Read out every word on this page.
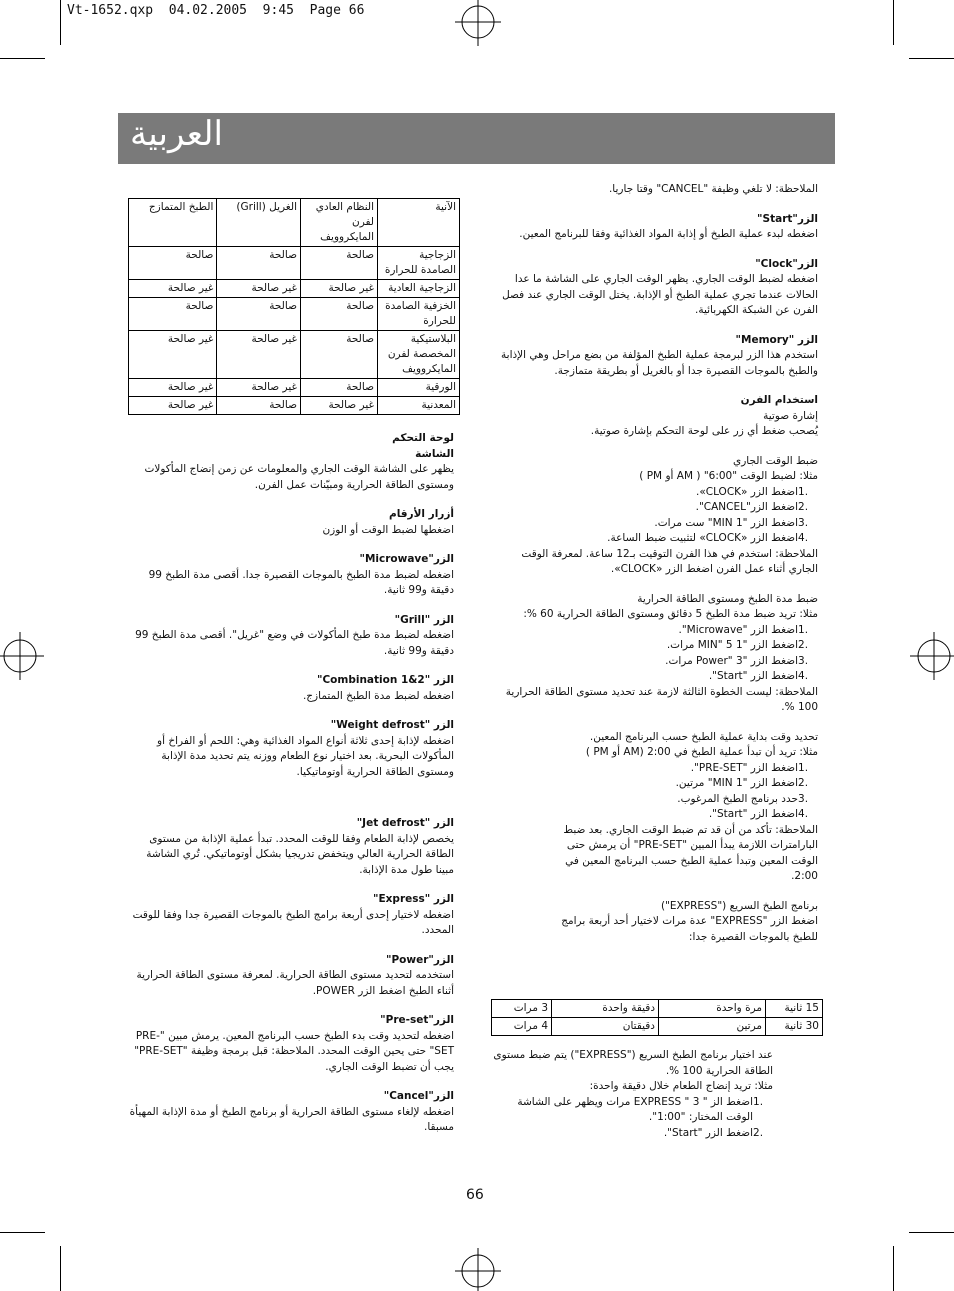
Vt-1652.qxp  04.02.2005  9:45  Page 66
العربية
الآنية	النظام العادي لفرن المايكروويف	الغريل (Grill)	الطبخ المتمازج
الزجاجية الصامدة للحرارة	صالحة	صالحة	صالحة
الزجاجية العادية	غير صالحة	غير صالحة	غير صالحة
الخزفية الصامدة للحرارة	صالحة	صالحة	صالحة
البلاستيكية المخصصة لفرن المايكروويف	صالحة	غير صالحة	غير صالحة
الورقية	صالحة	غير صالحة	غير صالحة
المعدنية	غير صالحة	صالحة	غير صالحة

لوحة التحكم

الشاشة

يظهر على الشاشة الوقت الجاري والمعلومات عن زمن إنضاج المأكولات ومستوى الطاقة الحرارية ومبيّنات عمل الفرن.

أزرار الأرقام

اضغطها لضبط الوقت أو الوزن

الزر"Microwave"

اضغطه لضبط مدة الطبخ بالموجات القصيرة جدا. أقصى مدة الطبخ 99 دقيقة و99 ثانية.

الزر "Grill"

اضغطه لضبط مدة طبخ المأكولات في وضع "غريل". أقصى مدة الطبخ 99 دقيقة و99 ثانية.

الزر "Combination 1&2"

اضغطه لضبط مدة الطبخ المتمازج.

الزر "Weight defrost"

اضغطه لإذابة إحدى ثلاثة أنواع المواد الغذائية وهي: اللحم أو الفراخ أو المأكولات البحرية. بعد اختيار نوع الطعام ووزنه يتم تحديد مدة الإذابة ومستوى الطاقة الحرارية أوتوماتيكيا.

الزر "Jet defrost"

يخصص لإذابة الطعام وفقا للوقت المحدد. تبدأ عملية الإذابة من مستوى الطاقة الحرارية العالي ويتخفض تدريجيا بشكل أوتوماتيكي. تُري الشاشة مبينا طول مدة الإذابة.

الزر "Express"

اضغطه لاختيار إحدى أربعة برامج الطبخ بالموجات القصيرة جدا وفقا للوقت المحدد.

الزر"Power"

استخدمه لتحديد مستوى الطاقة الحرارية. لمعرفة مستوى الطاقة الحرارية أثناء الطبخ اضغط الزر POWER.

الزر"Pre-set"

اضغطه لتحديد وقت بدء الطبخ حسب البرنامج المعين. يرمش مبين "PRE-SET" حتى يحين الوقت المحدد. الملاحظة: قبل برمجة وظيفة "PRE-SET" يجب أن تضبط الوقت الجاري.

الزر"Cancel"

اضغطه لإلغاء مستوى الطاقة الحرارية أو برنامج الطبخ أو مدة الإذابة المهيأة مسبقا.

الملاحظة: لا تلغي وظيفة "CANCEL" وقتا جاريا.

الزر"Start"

اضغطه لبدء عملية الطبخ أو إذابة المواد الغذائية وفقا للبرنامج المعين.

الزر"Clock"

اضغطه لضبط الوقت الجاري. يظهر الوقت الجاري على الشاشة ما عدا الحالات عندما تجري عملية الطبخ أو الإذابة. يختل الوقت الجاري عند فصل الفرن عن الشبكة الكهربائية.

الزر "Memory"

استخدم هذا الزر لبرمجة عملية الطبخ المؤلفة من بضع مراحل وهي الإذابة والطبخ بالموجات القصيرة جدا أو بالغريل أو بطريقة متمازجة.

استخدام الفرن

إشارة صوتية

يُصحب ضغط أي زر على لوحة التحكم بإشارة صوتية.

ضبط الوقت الجاري

مثلا: لضبط الوقت "6:00" ( AM أو PM )

.1
اضغط الزر «CLOCK».
.2
اضغط الزر"CANCEL".
.3
اضغط الزر "1 MIN" ست مرات.
.4
اضغط الزر «CLOCK» لتثبيت ضبط الساعة.

الملاحظة: استخدم في هذا الفرن التوقيت بـ12 ساعة. لمعرفة الوقت الجاري أثناء عمل الفرن اضغط الزر «CLOCK».

ضبط مدة الطبخ ومستوى الطاقة الحرارية

مثلا: تريد ضبط مدة الطبخ 5 دقائق ومستوى الطاقة الحرارية 60 %:

.1
اضغط الزر "Microwave".
.2
اضغط الزر "1 MIN" 5 مرات.
.3
اضغط الزر "Power" 3 مرات.
.4
اضغط الزر "Start".

الملاحظة: ليست الخطوة الثالثة لازمة عند تحديد مستوى الطاقة الحرارية 100 %.

تحديد وقت بداية عملية الطبخ حسب البرنامج المعين.

مثلا: تريد أن تبدأ عملية الطبخ في 2:00 (AM أو PM )

.1
اضغط الزر "PRE-SET".
.2
اضغط الزر "1 MIN" مرتين.
.3
حدد برنامج الطبخ المرغوب.
.4
اضغط الزر "Start".

الملاحظة: تأكد من أن قد تم ضبط الوقت الجاري. بعد ضبط البارامترات اللازمة يبدأ المبين "PRE-SET" أن يرمش حتى الوقت المعين وتبدأ عملية الطبخ حسب البرنامج المعين في 2:00.

برنامج الطبخ السريع ("EXPRESS")

اضغط الزر "EXPRESS" عدة مرات لاختيار أحد أربعة برامج للطبخ بالموجات القصيرة جدا:

15 ثانية	مرة واحدة	دقيقة واحدة	3 مرات
30 ثانية	مرتين	دقيقتان	4 مرات

عند اختيار برنامج الطبخ السريع ("EXPRESS") يتم ضبط مستوى الطاقة الحرارية 100 %.

مثلا: تريد إنضاج الطعام خلال دقيقة واحدة:

.1
اضغط الز " EXPRESS " 3 مرات ويظهر على الشاشة الوقت المختار: "1:00".
.2
اضغط الزر "Start".
66
